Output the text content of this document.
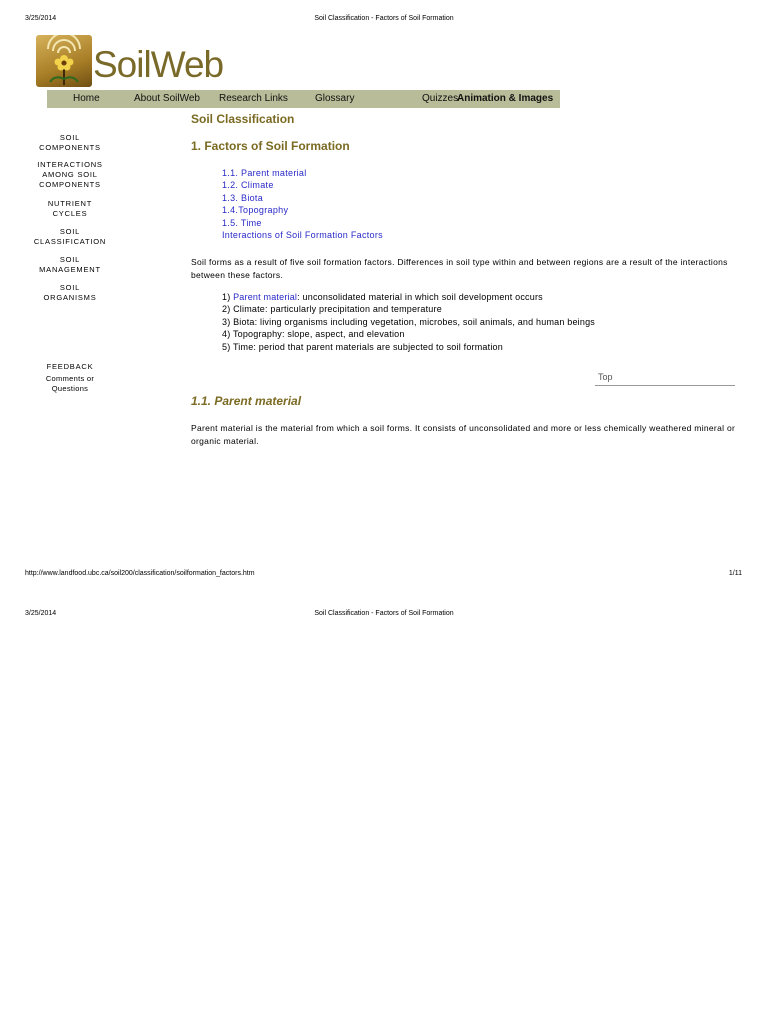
3/25/2014	Soil Classification - Factors of Soil Formation
SoilWeb
Home	About SoilWeb Research Links	Glossary	Quizzes
Animation & Images
SOIL
COMPONENTS
INTERACTIONS
AMONG SOIL
COMPONENTS
NUTRIENT
CYCLES
SOIL
CLASSIFICATION
SOIL
MANAGEMENT
SOIL
ORGANISMS
FEEDBACK
Comments or
Questions
Soil Classification
1. Factors of Soil Formation
1.1. Parent material
1.2. Climate
1.3. Biota
1.4.Topography
1.5. Time
Interactions of Soil Formation Factors
Soil forms as a result of five soil formation factors. Differences in soil type within and between regions are a result of the interactions between these factors.
1) Parent material: unconsolidated material in which soil development occurs
2) Climate: particularly precipitation and temperature
3) Biota: living organisms including vegetation, microbes, soil animals, and human beings
4) Topography: slope, aspect, and elevation
5) Time: period that parent materials are subjected to soil formation
Top
1.1. Parent material
Parent material is the material from which a soil forms. It consists of unconsolidated and more or less chemically weathered mineral or organic material.
http://www.landfood.ubc.ca/soil200/classification/soilformation_factors.htm	1/11
3/25/2014	Soil Classification - Factors of Soil Formation
